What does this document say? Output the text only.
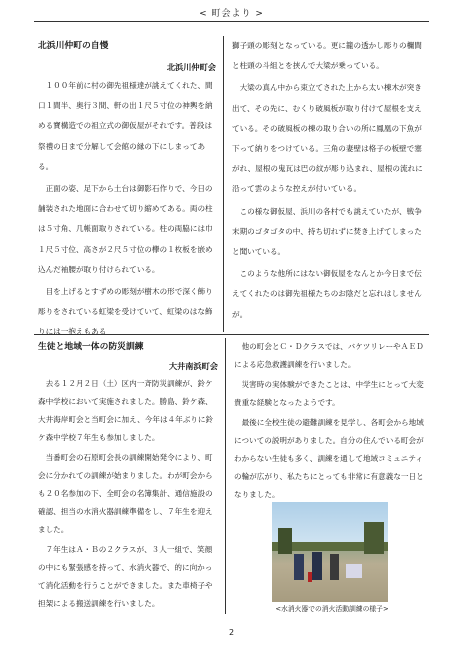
< 町会より >
北浜川仲町の自慢
北浜川仲町会

１００年前に村の御先祖様達が誂えてくれた、間口１間半、奥行３間、軒の出１尺５寸位の神輿を納める寶構造での祖立式の御仮屋がそれです。普段は祭禮の日まで分解して会館の縁の下にしまってある。

正面の姿、足下から土台は御影石作りで、今日の舗装された地面に合わせて切り縮めてある。両の柱は５寸角、几帳面取りされている。柱の両脇には巾１尺５寸位、高さが２尺５寸位の欅の１枚板を嵌め込んだ袖腰が取り付けられている。

目を上げるとすずめの彫刻が樹木の形で深く飾り彫りをされている虹梁を受けていて、虹梁のはな飾りには一抱えもある

獅子頭の彫刻となっている。更に籠の透かし彫りの欄間と柱頭の斗組とを挟んで大梁が乗っている。

大梁の真ん中から束立てされた上から太い棟木が突き出て、その先に、むくり破風板が取り付けて屋根を支えている。その破風板の棟の取り合いの所に鳳凰の下魚が下って納りをつけている。三角の妻壁は格子の板壁で塞がれ、屋根の鬼瓦は巴の紋が彫り込まれ、屋根の流れに沿って雲のような控えが付いている。

この様な御仮屋、浜川の各村でも誂えていたが、戦争末期のゴタゴタの中、持ち切れずに焚き上げてしまったと聞いている。

このような他所にはない御仮屋をなんとか今日まで伝えてくれたのは御先祖様たちのお陰だと忘れはしませんが。

生徒と地域一体の防災訓練
大井南浜町会

去る１２月２日（土）区内一斉防災訓練が、鈴ケ森中学校において実施されました。勝島、鈴ケ森、大井海岸町会と当町会に加え、今年は４年ぶりに鈴ケ森中学校７年生も参加しました。

当番町会の石原町会長の訓練開始発令により、町会に分かれての訓練が始まりました。わが町会からも２０名参加の下、全町会の名簿集計、通信施設の確認、担当の水消火器訓練準備をし、７年生を迎えました。

７年生はＡ・Ｂの２クラスが、３人一組で、笑顔の中にも緊張感を持って、水消火器で、的に向かって消化活動を行うことができました。また車椅子や担架による搬送訓練を行いました。

他の町会とＣ・Ｄクラスでは、バケツリレーやＡＥＤによる応急救護訓練を行いました。

災害時の実体験ができたことは、中学生にとって大変貴重な経験となったようです。

最後に全校生徒の避難訓練を見学し、各町会から地域についての説明がありました。自分の住んでいる町会がわからない生徒も多く、訓練を通して地域コミュニティの輪が広がり、私たちにとっても非常に有意義な一日となりました。

<水消火器での消火活動訓練の様子>
2
